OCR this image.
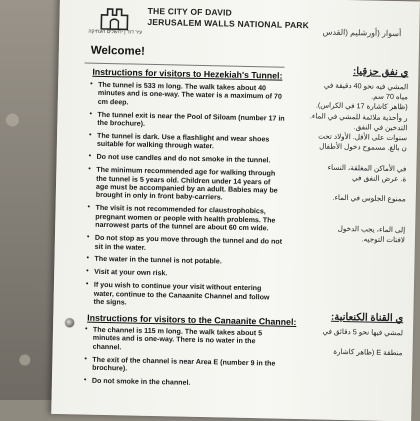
עיר דוד | ירושלים העתיקה
THE CITY OF DAVID
JERUSALEM WALLS NATIONAL PARK
أسوار (أورشليم (القدس
Welcome!
Instructions for visitors to Hezekiah's Tunnel:
• The tunnel is 533 m long. The walk takes about 40 minutes and is one-way. The water is a maximum of 70 cm deep.
• The tunnel exit is near the Pool of Siloam (number 17 in the brochure).
• The tunnel is dark. Use a flashlight and wear shoes suitable for walking through water.
• Do not use candles and do not smoke in the tunnel.
• The minimum recommended age for walking through the tunnel is 5 years old. Children under 14 years of age must be accompanied by an adult. Babies may be brought in only in front baby-carriers.
• The visit is not recommended for claustrophobics, pregnant women or people with health problems. The narrowest parts of the tunnel are about 60 cm wide.
• Do not stop as you move through the tunnel and do not sit in the water.
• The water in the tunnel is not potable.
• Visit at your own risk.
• If you wish to continue your visit without entering water, continue to the Canaanite Channel and follow the signs.
Instructions for visitors to the Canaanite Channel:
• The channel is 115 m long. The walk takes about 5 minutes and is one-way. There is no water in the channel.
• The exit of the channel is near Area E (number 9 in the brochure).
• Do not smoke in the channel.
ي نفق حزقيا:
المشي فيه نحو 40 دقيقة في
مياه 70 سم.
(ظاهر كاشارة 17 في الكراس).
ر وأحذية ملائمة للمشي في الماء.
التدخين في النفق.
سنوات على الأقل. الأولاد تحت
ن بالغ. مسموح دخول الأطفال

في الأماكن المغلقة، النساء
ة. عرض النفق في

ممنوع الجلوس في الماء.

إلى الماء، يجب الدخول
لافتات التوجيه.
ي القناة الكنعانية:
لمشي فيها نحو 5 دقائق في

منطقة E (ظاهر كاشارة
